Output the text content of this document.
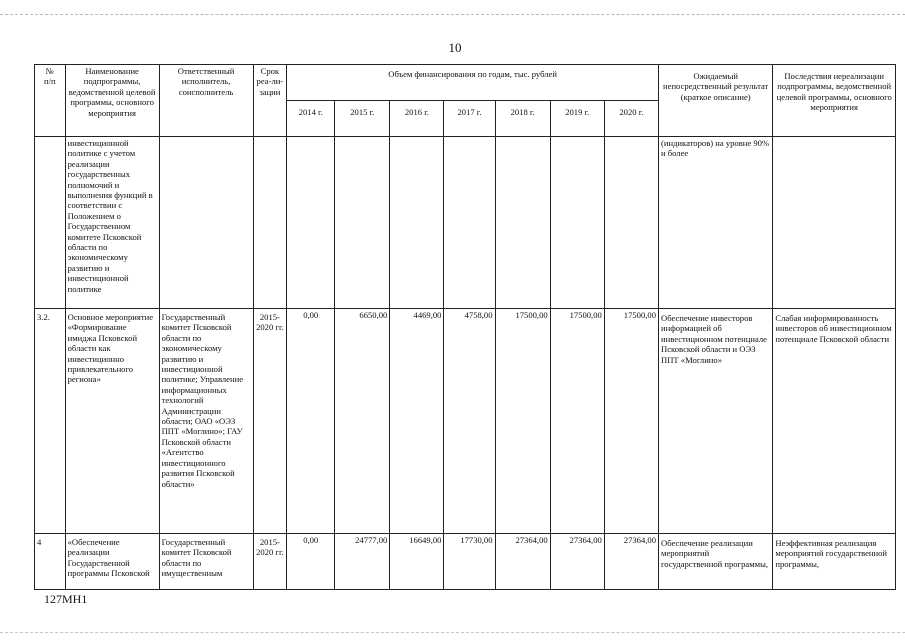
10
№
п/п	Наименование подпрограммы, ведомственной целевой программы, основного мероприятия	Ответственный исполнитель, соисполнитель	Срок реа-ли-зации	Объем финансирования по годам, тыс. рублей							Ожидаемый непосредственный результат (краткое описание)	Последствия нереализации подпрограммы, ведомственной целевой программы, основного мероприятия
				2014 г.	2015 г.	2016 г.	2017 г.	2018 г.	2019 г.	2020 г.		
	инвестиционной политике с учетом реализации государственных полномочий и выполнения функций в соответствии с Положением о Государственном комитете Псковской области по экономическому развитию и инвестиционной политике										(индикаторов) на уровне 90% и более	
3.2.	Основное мероприятие «Формирование имиджа Псковской области как инвестиционно привлекательного региона»	Государственный комитет Псковской области по экономическому развитию и инвестиционной политике; Управление информационных технологий Администрации области; ОАО «ОЭЗ ППТ «Моглино»; ГАУ Псковской области «Агентство инвестиционного развития Псковской области»	2015-2020 гг.	0,00	6650,00	4469,00	4758,00	17500,00	17500,00	17500,00	Обеспечение инвесторов информацией об инвестиционном потенциале Псковской области и ОЭЗ ППТ «Моглино»	Слабая информированность инвесторов об инвестиционном потенциале Псковской области
4	«Обеспечение реализации Государственной программы Псковской	Государственный комитет Псковской области по имущественным	2015-2020 гг.	0,00	24777,00	16649,00	17730,00	27364,00	27364,00	27364,00	Обеспечение реализации мероприятий государственной программы,	Неэффективная реализация мероприятий государственной программы,
127МН1
